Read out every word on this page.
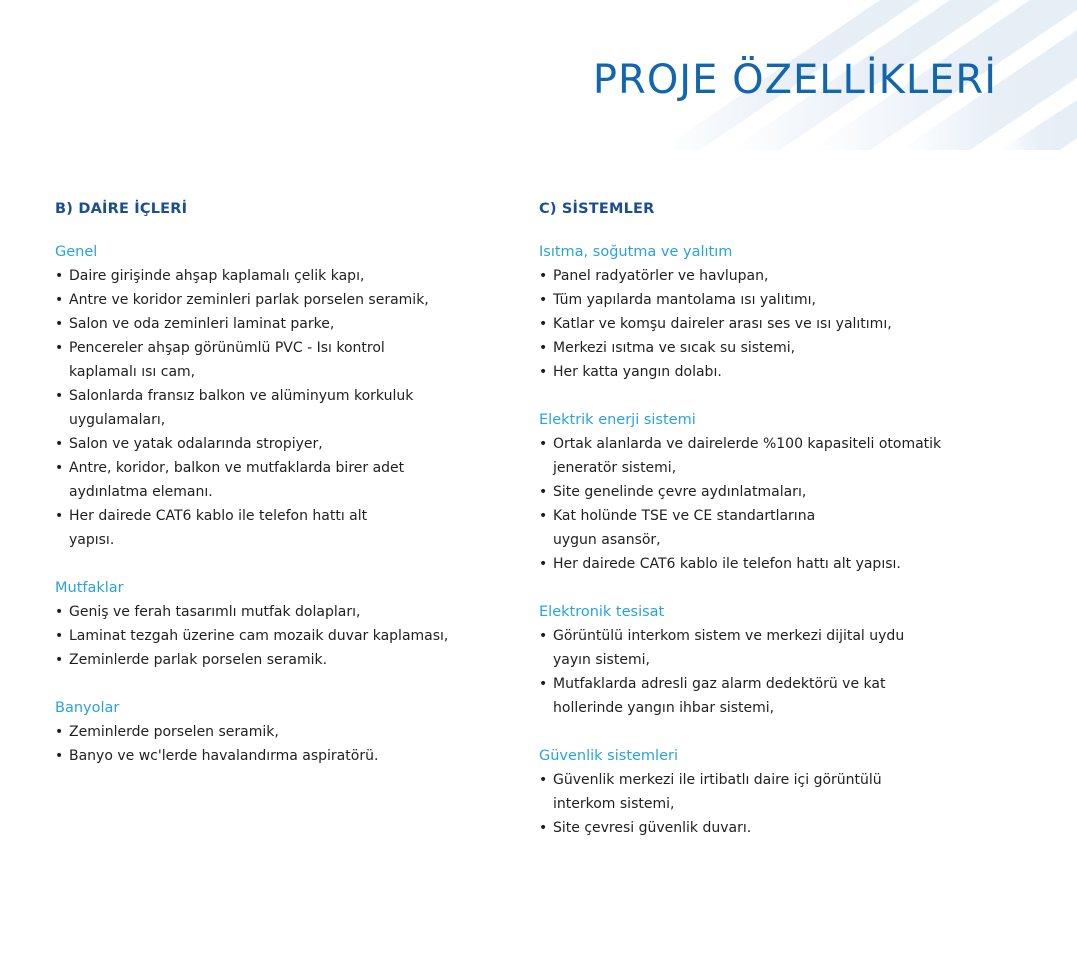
PROJE ÖZELLİKLERİ
B) DAİRE İÇLERİ
Genel
• Daire girişinde ahşap kaplamalı çelik kapı,
• Antre ve koridor zeminleri parlak porselen seramik,
• Salon ve oda zeminleri laminat parke,
• Pencereler ahşap görünümlü PVC - Isı kontrol
kaplamalı ısı cam,
• Salonlarda fransız balkon ve alüminyum korkuluk
uygulamaları,
• Salon ve yatak odalarında stropiyer,
• Antre, koridor, balkon ve mutfaklarda birer adet
aydınlatma elemanı.
• Her dairede CAT6 kablo ile telefon hattı alt
yapısı.
Mutfaklar
• Geniş ve ferah tasarımlı mutfak dolapları,
• Laminat tezgah üzerine cam mozaik duvar kaplaması,
• Zeminlerde parlak porselen seramik.
Banyolar
• Zeminlerde porselen seramik,
• Banyo ve wc'lerde havalandırma aspiratörü.
C) SİSTEMLER
Isıtma, soğutma ve yalıtım
• Panel radyatörler ve havlupan,
• Tüm yapılarda mantolama ısı yalıtımı,
• Katlar ve komşu daireler arası ses ve ısı yalıtımı,
• Merkezi ısıtma ve sıcak su sistemi,
• Her katta yangın dolabı.
Elektrik enerji sistemi
• Ortak alanlarda ve dairelerde %100 kapasiteli otomatik
jeneratör sistemi,
• Site genelinde çevre aydınlatmaları,
• Kat holünde TSE ve CE standartlarına
uygun asansör,
• Her dairede CAT6 kablo ile telefon hattı alt yapısı.
Elektronik tesisat
• Görüntülü interkom sistem ve merkezi dijital uydu
yayın sistemi,
• Mutfaklarda adresli gaz alarm dedektörü ve kat
hollerinde yangın ihbar sistemi,
Güvenlik sistemleri
• Güvenlik merkezi ile irtibatlı daire içi görüntülü
interkom sistemi,
• Site çevresi güvenlik duvarı.
